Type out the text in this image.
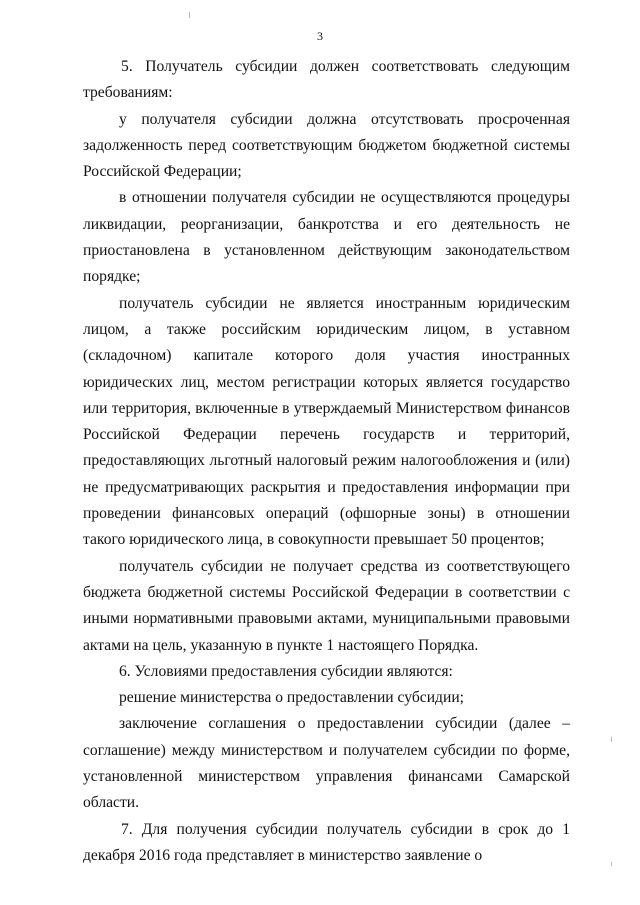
3

5. Получатель субсидии должен соответствовать следующим требованиям:

у получателя субсидии должна отсутствовать просроченная задолженность перед соответствующим бюджетом бюджетной системы Российской Федерации;

в отношении получателя субсидии не осуществляются процедуры ликвидации, реорганизации, банкротства и его деятельность не приостановлена в установленном действующим законодательством порядке;

получатель субсидии не является иностранным юридическим лицом, а также российским юридическим лицом, в уставном (складочном) капитале которого доля участия иностранных юридических лиц, местом регистрации которых является государство или территория, включенные в утверждаемый Министерством финансов Российской Федерации перечень государств и территорий, предоставляющих льготный налоговый режим налогообложения и (или) не предусматривающих раскрытия и предоставления информации при проведении финансовых операций (офшорные зоны) в отношении такого юридического лица, в совокупности превышает 50 процентов;

получатель субсидии не получает средства из соответствующего бюджета бюджетной системы Российской Федерации в соответствии с иными нормативными правовыми актами, муниципальными правовыми актами на цель, указанную в пункте 1 настоящего Порядка.

6. Условиями предоставления субсидии являются:

решение министерства о предоставлении субсидии;

заключение соглашения о предоставлении субсидии (далее – соглашение) между министерством и получателем субсидии по форме, установленной министерством управления финансами Самарской области.

7. Для получения субсидии получатель субсидии в срок до 1 декабря 2016 года представляет в министерство заявление о
